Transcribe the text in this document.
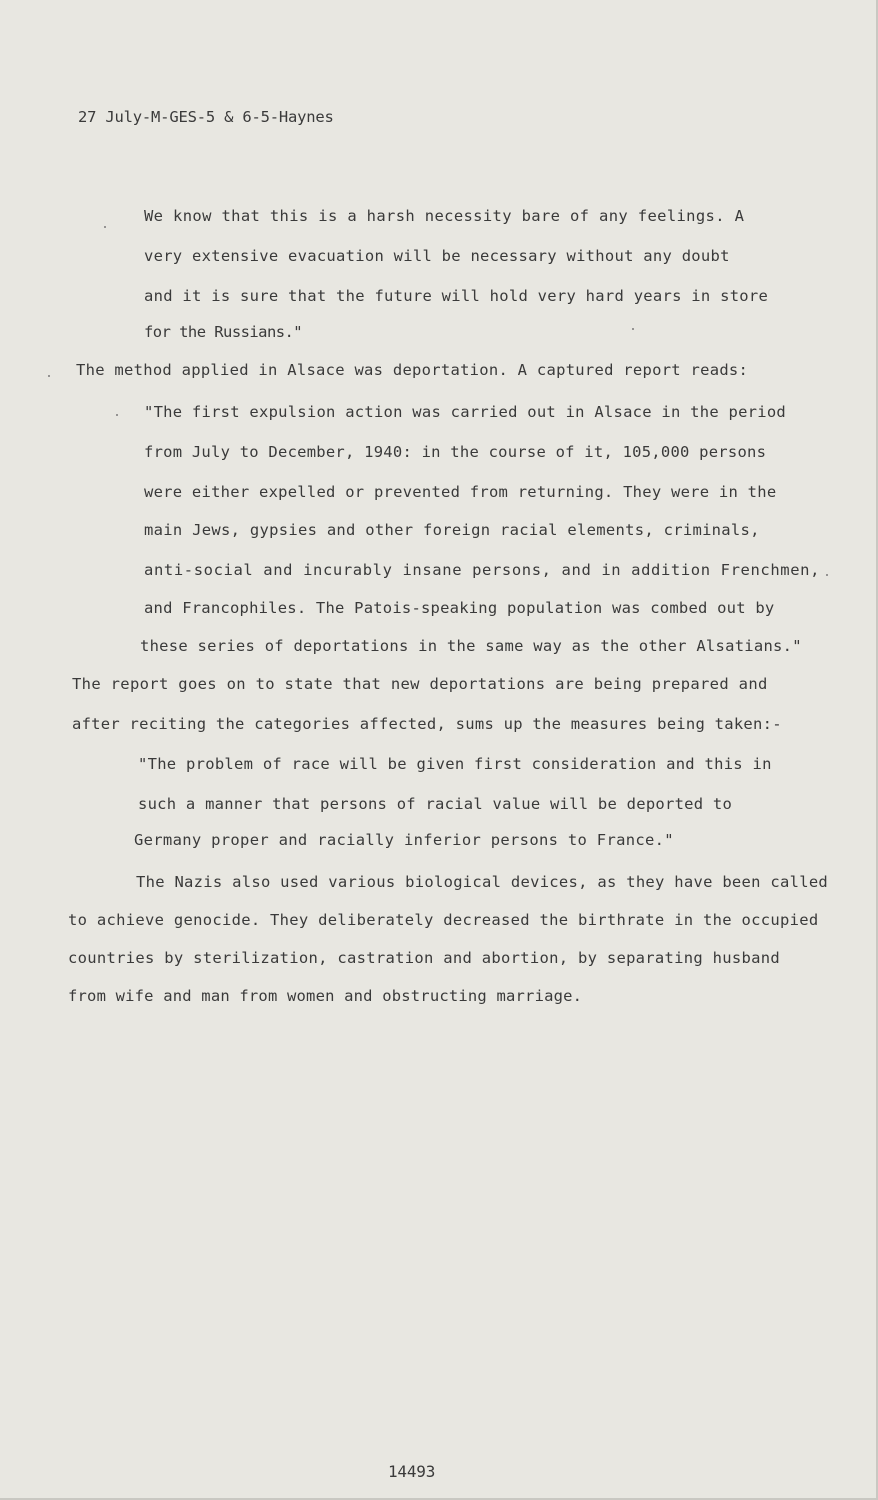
27 July-M-GES-5 & 6-5-Haynes
We know that this is a harsh necessity bare of any feelings. A
very extensive evacuation will be necessary without any doubt
and it is sure that the future will hold very hard years in store
for the Russians."
The method applied in Alsace was deportation. A captured report reads:
"The first expulsion action was carried out in Alsace in the period
from July to December, 1940: in the course of it, 105,000 persons
were either expelled or prevented from returning. They were in the
main Jews, gypsies and other foreign racial elements, criminals,
anti-social and incurably insane persons, and in addition Frenchmen,
and Francophiles. The Patois-speaking population was combed out by
these series of deportations in the same way as the other Alsatians."
The report goes on to state that new deportations are being prepared and
after reciting the categories affected, sums up the measures being taken:-
"The problem of race will be given first consideration and this in
such a manner that persons of racial value will be deported to
Germany proper and racially inferior persons to France."
The Nazis also used various biological devices, as they have been called
to achieve genocide. They deliberately decreased the birthrate in the occupied
countries by sterilization, castration and abortion, by separating husband
from wife and man from women and obstructing marriage.
14493
